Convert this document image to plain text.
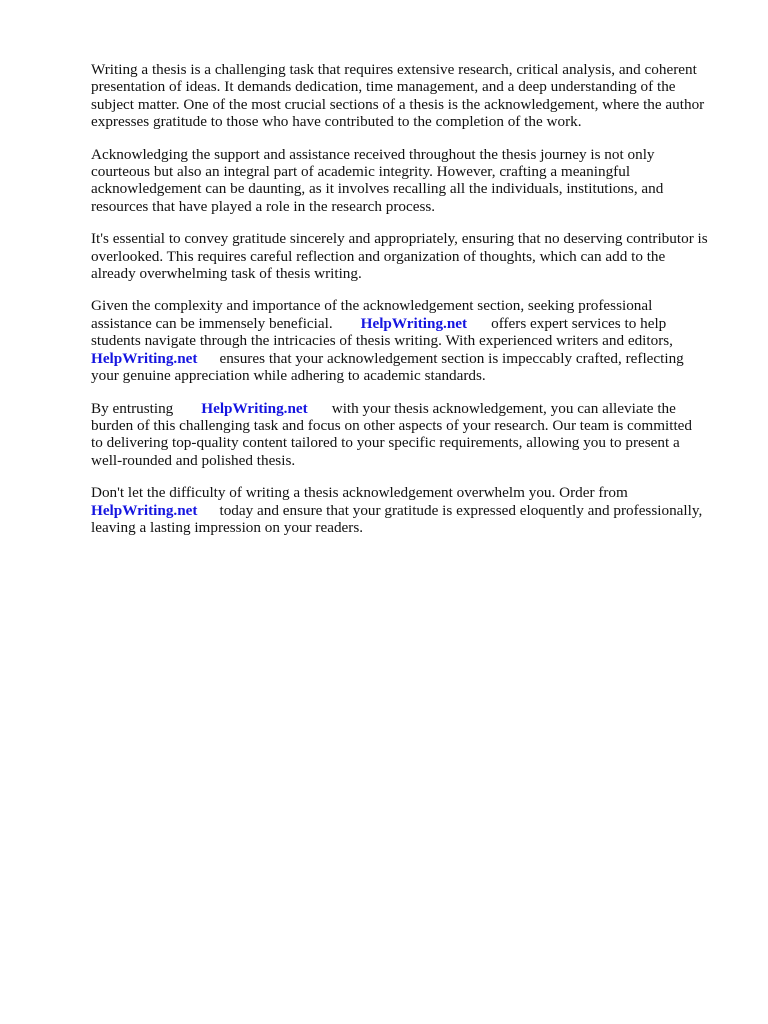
Writing a thesis is a challenging task that requires extensive research, critical analysis, and coherent
presentation of ideas. It demands dedication, time management, and a deep understanding of the
subject matter. One of the most crucial sections of a thesis is the acknowledgement, where the author
expresses gratitude to those who have contributed to the completion of the work.

Acknowledging the support and assistance received throughout the thesis journey is not only
courteous but also an integral part of academic integrity. However, crafting a meaningful
acknowledgement can be daunting, as it involves recalling all the individuals, institutions, and
resources that have played a role in the research process.

It's essential to convey gratitude sincerely and appropriately, ensuring that no deserving contributor is
overlooked. This requires careful reflection and organization of thoughts, which can add to the
already overwhelming task of thesis writing.

Given the complexity and importance of the acknowledgement section, seeking professional
assistance can be immensely beneficial. HelpWriting.net offers expert services to help
students navigate through the intricacies of thesis writing. With experienced writers and editors,
HelpWriting.net ensures that your acknowledgement section is impeccably crafted, reflecting
your genuine appreciation while adhering to academic standards.

By entrusting HelpWriting.net with your thesis acknowledgement, you can alleviate the
burden of this challenging task and focus on other aspects of your research. Our team is committed
to delivering top-quality content tailored to your specific requirements, allowing you to present a
well-rounded and polished thesis.

Don't let the difficulty of writing a thesis acknowledgement overwhelm you. Order from
HelpWriting.net today and ensure that your gratitude is expressed eloquently and professionally,
leaving a lasting impression on your readers.
